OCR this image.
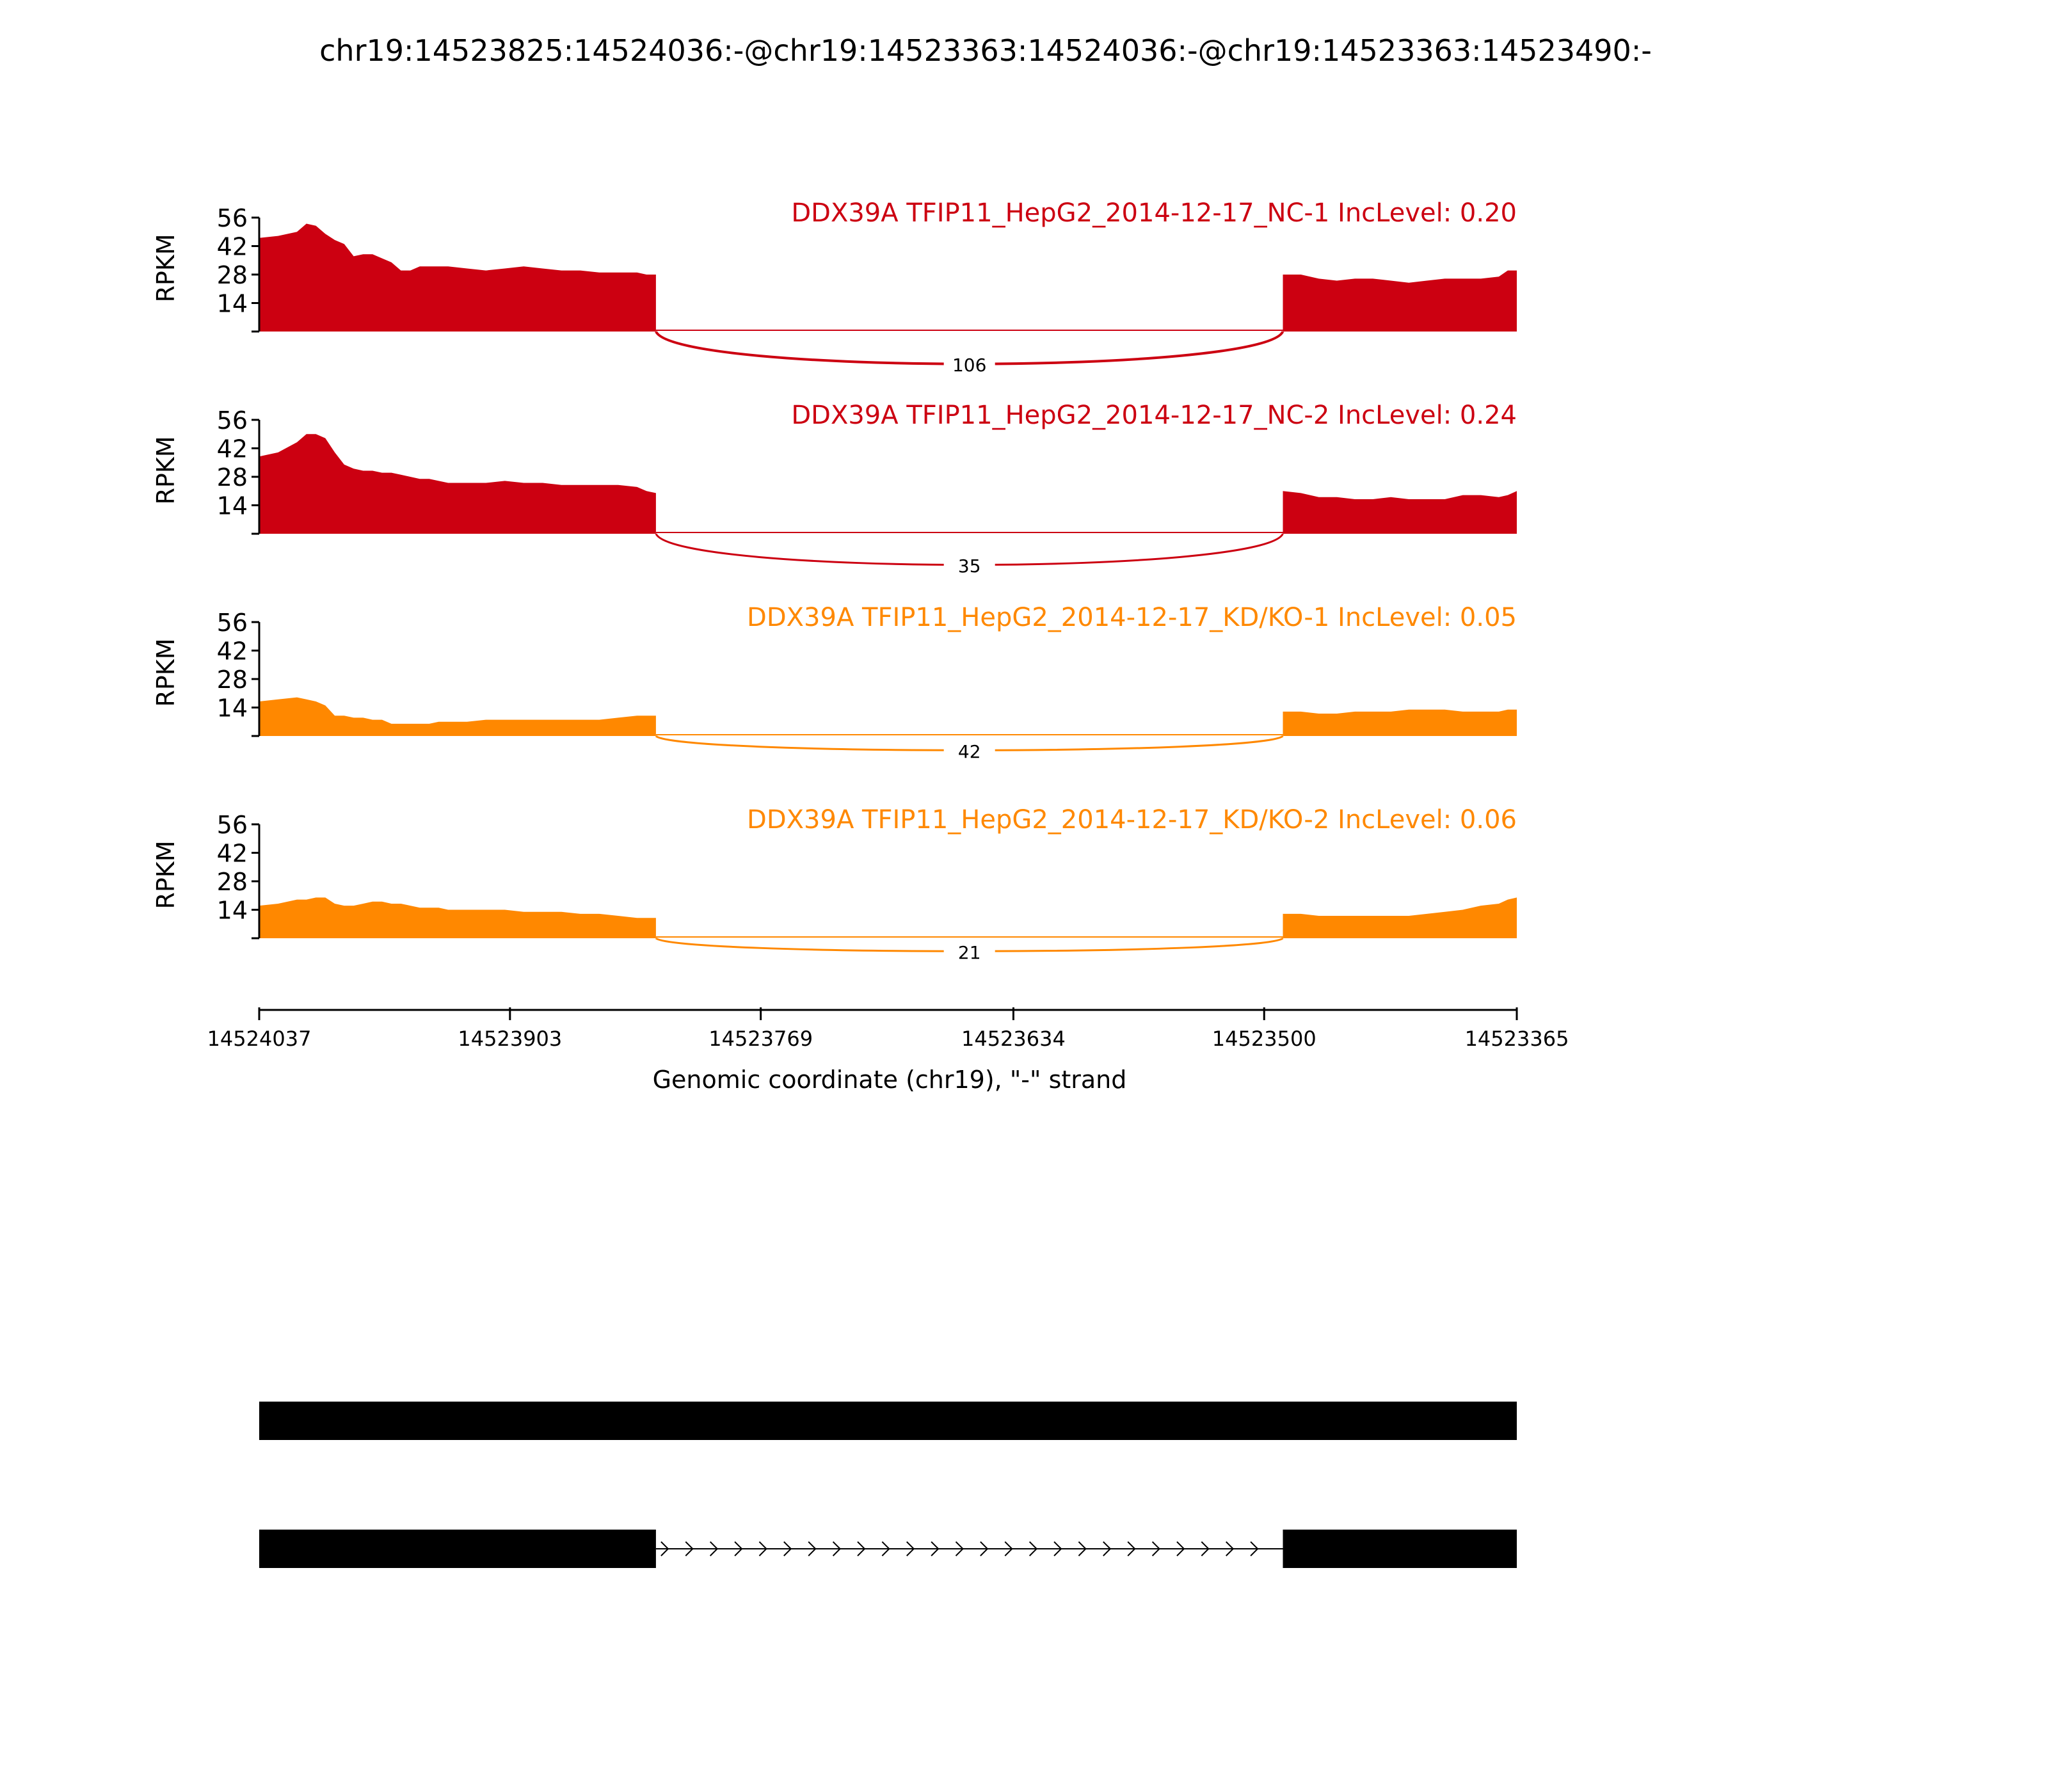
chr19:14523825:14524036:-@chr19:14523363:14524036:-@chr19:14523363:14523490:-
106
DDX39A TFIP11_HepG2_2014-12-17_NC-1 IncLevel: 0.20
14
28
42
56
RPKM
35
DDX39A TFIP11_HepG2_2014-12-17_NC-2 IncLevel: 0.24
14
28
42
56
RPKM
42
DDX39A TFIP11_HepG2_2014-12-17_KD/KO-1 IncLevel: 0.05
14
28
42
56
RPKM
21
DDX39A TFIP11_HepG2_2014-12-17_KD/KO-2 IncLevel: 0.06
14
28
42
56
RPKM
14524037	14523903	14523769	14523634	14523500	14523365
Genomic coordinate (chr19), "-" strand
